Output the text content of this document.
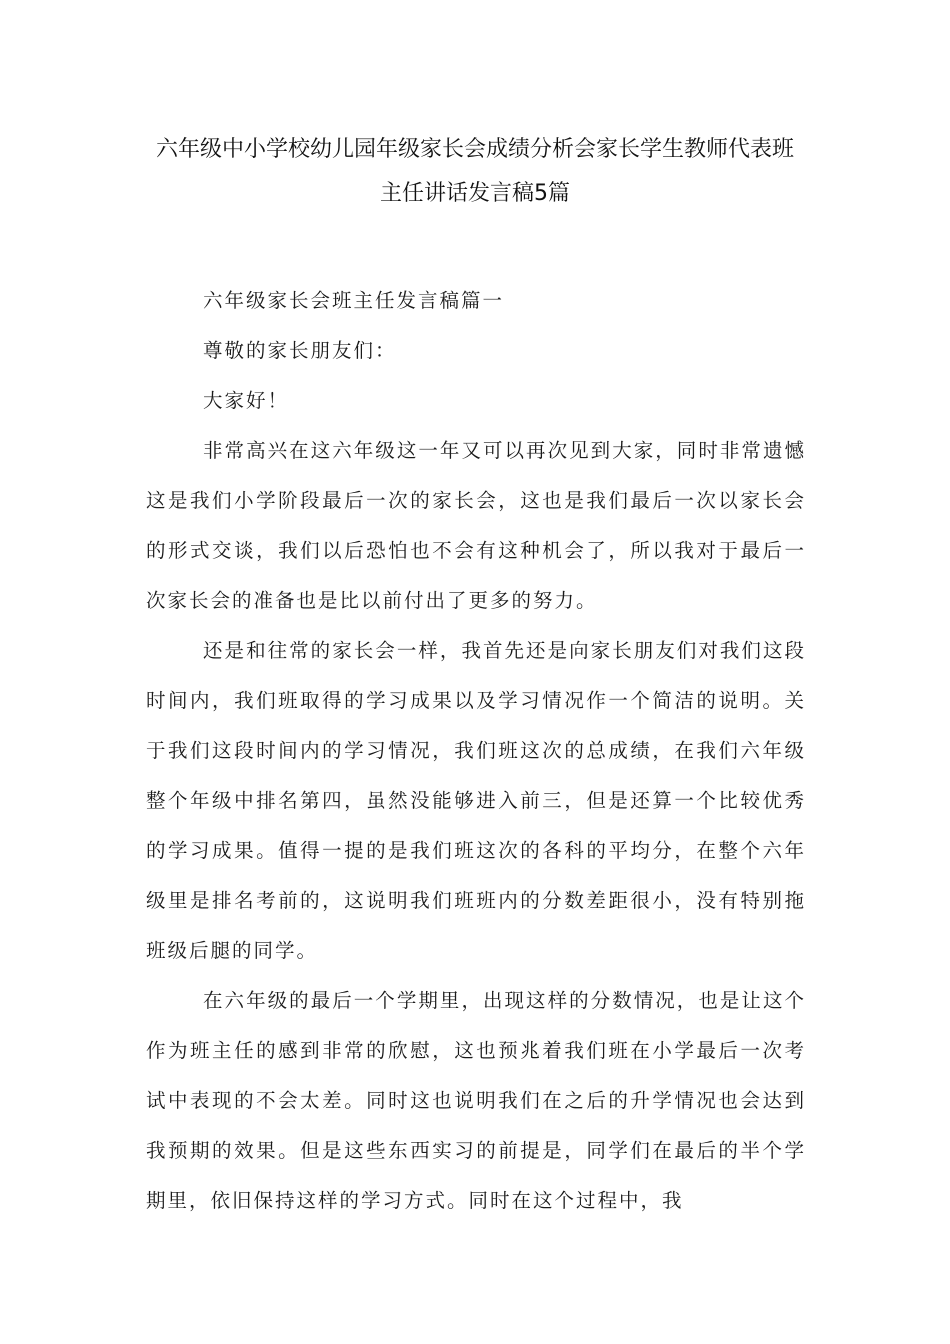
六年级中小学校幼儿园年级家长会成绩分析会家长学生教师代表班
主任讲话发言稿5篇

六年级家长会班主任发言稿篇一

尊敬的家长朋友们：

大家好！

非常高兴在这六年级这一年又可以再次见到大家，同时非常遗憾这是我们小学阶段最后一次的家长会，这也是我们最后一次以家长会的形式交谈，我们以后恐怕也不会有这种机会了，所以我对于最后一次家长会的准备也是比以前付出了更多的努力。

还是和往常的家长会一样，我首先还是向家长朋友们对我们这段时间内，我们班取得的学习成果以及学习情况作一个简洁的说明。关于我们这段时间内的学习情况，我们班这次的总成绩，在我们六年级整个年级中排名第四，虽然没能够进入前三，但是还算一个比较优秀的学习成果。值得一提的是我们班这次的各科的平均分，在整个六年级里是排名考前的，这说明我们班班内的分数差距很小，没有特别拖班级后腿的同学。

在六年级的最后一个学期里，出现这样的分数情况，也是让这个作为班主任的感到非常的欣慰，这也预兆着我们班在小学最后一次考试中表现的不会太差。同时这也说明我们在之后的升学情况也会达到我预期的效果。但是这些东西实习的前提是，同学们在最后的半个学期里，依旧保持这样的学习方式。同时在这个过程中，我
